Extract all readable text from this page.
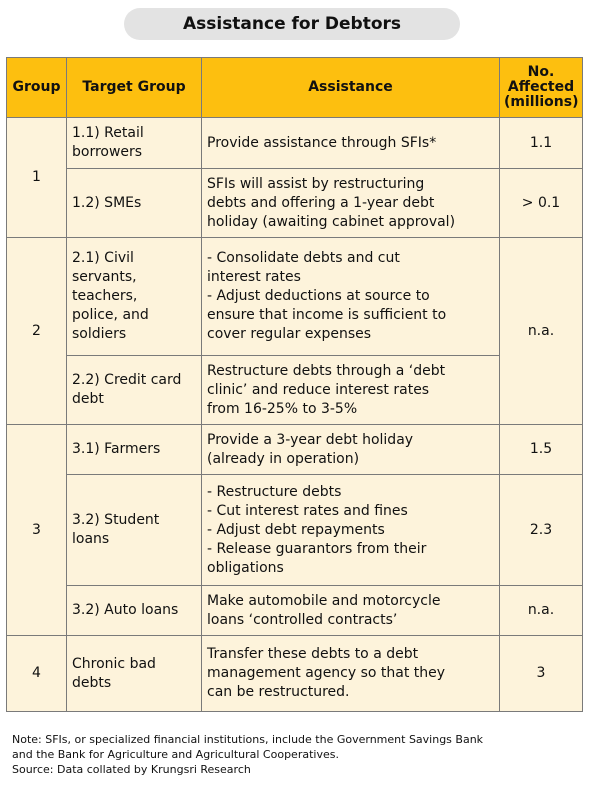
Assistance for Debtors
Group	Target Group	Assistance	No.
Affected
(millions)

1	1.1) Retail
borrowers	Provide assistance through SFIs*	1.1
	1.2) SMEs	SFIs will assist by restructuring
debts and offering a 1-year debt
holiday (awaiting cabinet approval)	> 0.1
2	2.1) Civil
servants,
teachers,
police, and
soldiers	- Consolidate debts and cut
interest rates
- Adjust deductions at source to
ensure that income is sufficient to
cover regular expenses	n.a.
	2.2) Credit card
debt	Restructure debts through a ‘debt
clinic’ and reduce interest rates
from 16-25% to 3-5%	
3	3.1) Farmers	Provide a 3-year debt holiday
(already in operation)	1.5
	3.2) Student
loans	- Restructure debts
- Cut interest rates and fines
- Adjust debt repayments
- Release guarantors from their
obligations	2.3
	3.2) Auto loans	Make automobile and motorcycle
loans ‘controlled contracts’	n.a.
4	Chronic bad
debts	Transfer these debts to a debt
management agency so that they
can be restructured.	3
Note: SFIs, or specialized financial institutions, include the Government Savings Bank
and the Bank for Agriculture and Agricultural Cooperatives.
Source: Data collated by Krungsri Research
